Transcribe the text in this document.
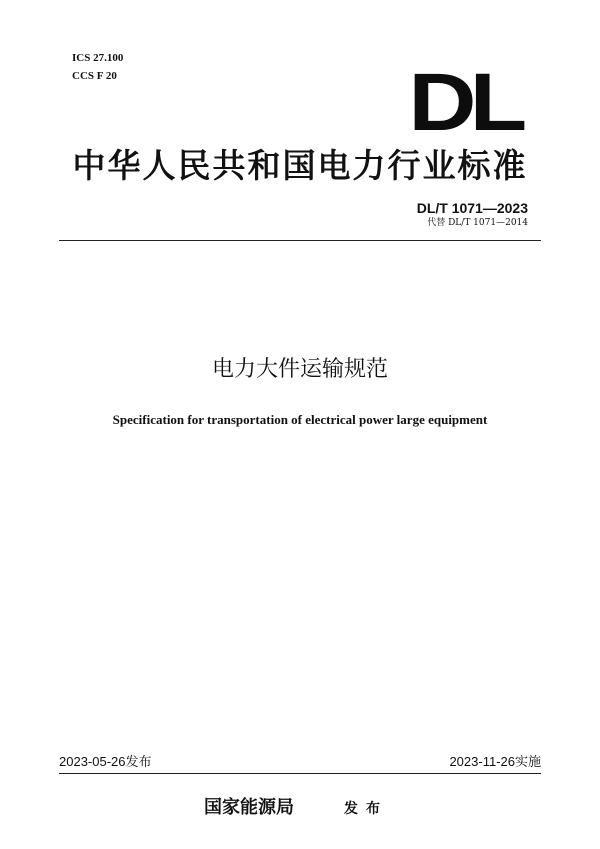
ICS 27.100
CCS F 20	DL
中华人民共和国电力行业标准
DL/T 1071—2023
代替 DL/T 1071—2014
电力大件运输规范
Specification for transportation of electrical power large equipment
2023-05-26发布	2023-11-26实施
国家能源局	发布
